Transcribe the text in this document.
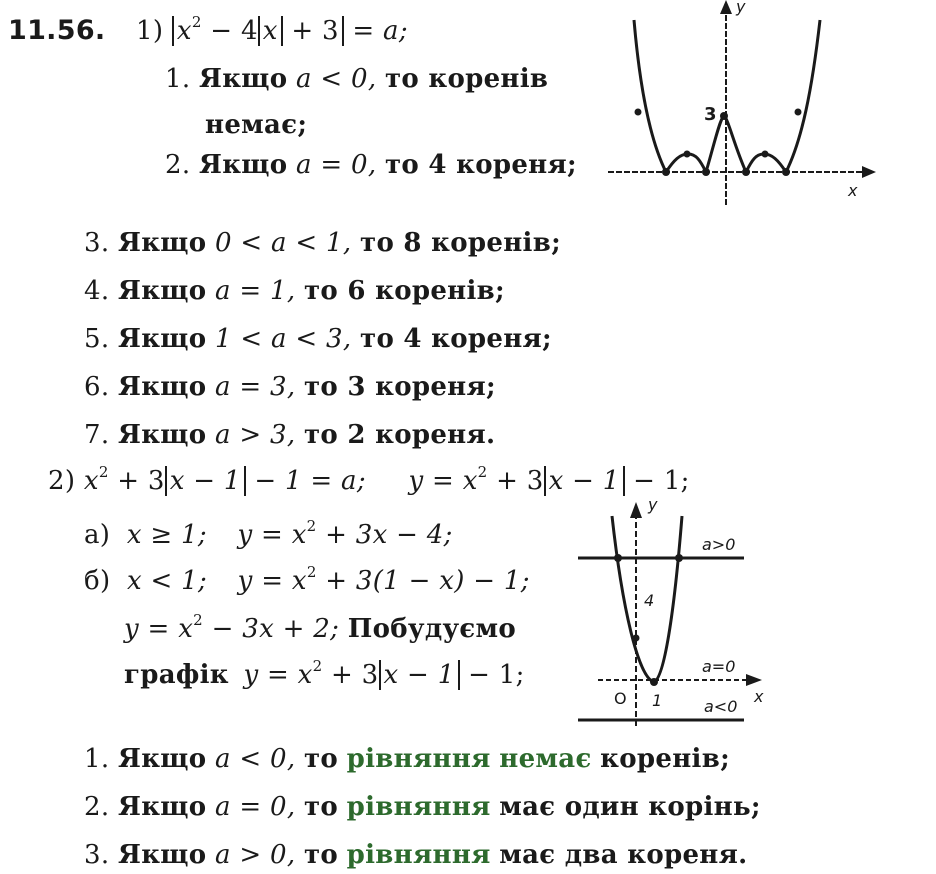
11.56. 1) $x^2 - 4$ x + 3 = a;
1. Якщо a < 0, то коренів
немає;
2. Якщо a = 0, то 4 кореня;
3
y
x
3. Якщо 0 < a < 1, то 8 коренів;
4. Якщо a = 1, то 6 коренів;
5. Якщо 1 < a < 3, то 4 кореня;
6. Якщо a = 3, то 3 кореня;
7. Якщо a > 3, то 2 кореня.
2) $x^2 + 3$ x − 1 − 1 = a; $y = x^2 + 3$ x − 1 − 1;
а) x ≥ 1; $y = x^2 + 3x - 4$;
б) x < 1; $y = x^2 + 3(1 - x) - 1$;
$y = x^2 - 3x + 2$; Побудуємо
графік $y = x^2 + 3$ x − 1 − 1;
a>0
a=0
a<0
4
1
O
y
x
1. Якщо a < 0, то рівняння немає коренів;
2. Якщо a = 0, то рівняння має один корінь;
3. Якщо a > 0, то рівняння має два кореня.
